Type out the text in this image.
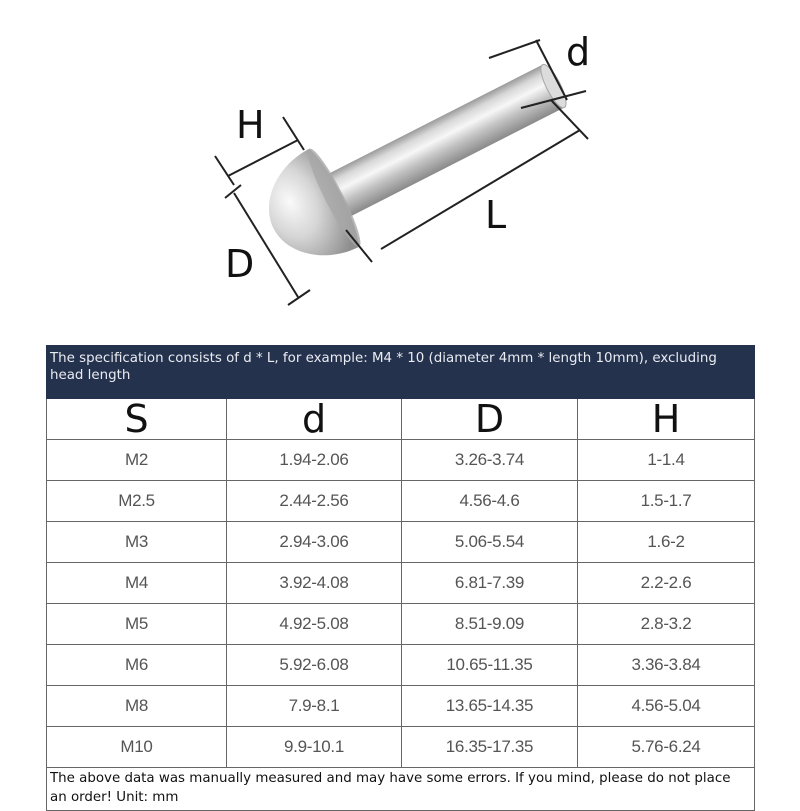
d
H
L
D
The specification consists of d * L, for example: M4 * 10 (diameter 4mm * length 10mm), excluding head length			
S	d	D	H
M2	1.94-2.06	3.26-3.74	1-1.4
M2.5	2.44-2.56	4.56-4.6	1.5-1.7
M3	2.94-3.06	5.06-5.54	1.6-2
M4	3.92-4.08	6.81-7.39	2.2-2.6
M5	4.92-5.08	8.51-9.09	2.8-3.2
M6	5.92-6.08	10.65-11.35	3.36-3.84
M8	7.9-8.1	13.65-14.35	4.56-5.04
M10	9.9-10.1	16.35-17.35	5.76-6.24
The above data was manually measured and may have some errors. If you mind, please do not place an order! Unit: mm			
